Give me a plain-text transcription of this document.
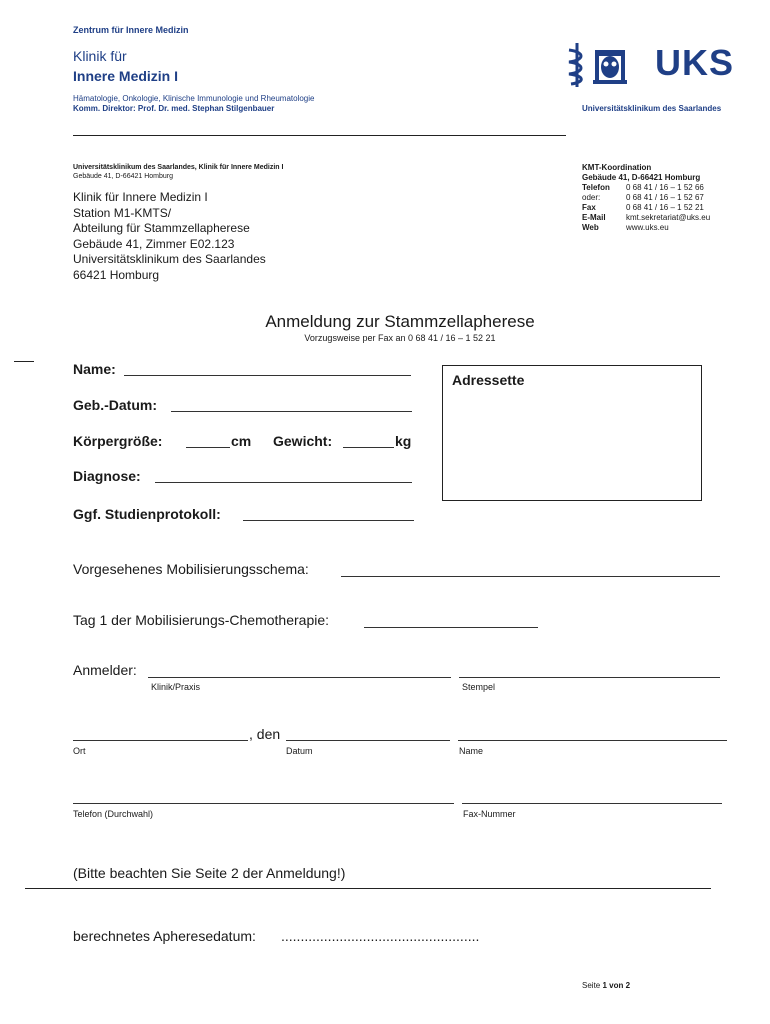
Zentrum für Innere Medizin
Klinik für
Innere Medizin I
Hämatologie, Onkologie, Klinische Immunologie und Rheumatologie
Komm. Direktor: Prof. Dr. med. Stephan Stilgenbauer
UKS
Universitätsklinikum des Saarlandes
Universitätsklinikum des Saarlandes, Klinik für Innere Medizin I
Gebäude 41, D-66421 Homburg
Klinik für Innere Medizin I
Station M1-KMTS/
Abteilung für Stammzellapherese
Gebäude 41, Zimmer E02.123
Universitätsklinikum des Saarlandes
66421 Homburg
KMT-Koordination
Gebäude 41, D-66421 Homburg
Telefon	0 68 41 / 16 – 1 52 66
oder:	0 68 41 / 16 – 1 52 67
Fax	0 68 41 / 16 – 1 52 21
E-Mail	kmt.sekretariat@uks.eu
Web	www.uks.eu
Anmeldung zur Stammzellapherese
Vorzugsweise per Fax an 0 68 41 / 16 – 1 52 21
Name:
Geb.-Datum:
Körpergröße:	cm Gewicht:	kg
Diagnose:
Ggf. Studienprotokoll:
Adressette
Vorgesehenes Mobilisierungsschema:
Tag 1 der Mobilisierungs-Chemotherapie:
Anmelder:
Klinik/Praxis	Stempel
, den
Ort	Datum	Name
Telefon (Durchwahl)	Fax-Nummer
(Bitte beachten Sie Seite 2 der Anmeldung!)
berechnetes Apheresedatum: ...................................................
Seite 1 von 2
